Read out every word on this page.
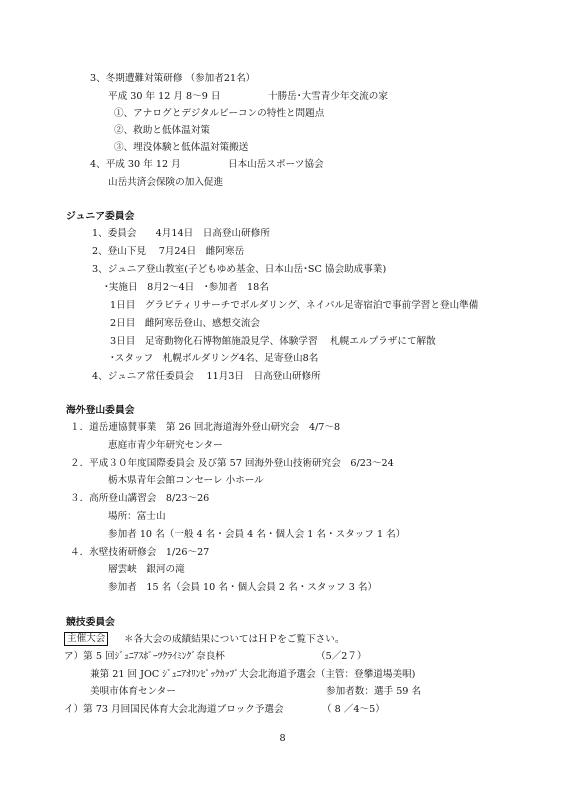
3、冬期遭難対策研修 （参加者21名）
平成 30 年 12 月 8〜9 日	十勝岳･大雪青少年交流の家
①、アナログとデジタルビーコンの特性と問題点
②、救助と低体温対策
③、埋没体験と低体温対策搬送
4、平成 30 年 12 月	日本山岳スポーツ協会
山岳共済会保険の加入促進
ジュニア委員会
1、委員会　　4月14日　日高登山研修所
2、登山下見　 7月24日　雌阿寒岳
3、ジュニア登山教室(子どもゆめ基金、日本山岳･SC 協会助成事業)
･実施日　8月2〜4日　･参加者　18名
1日目　グラビティリサーチでボルダリング、ネイパル足寄宿泊で事前学習と登山準備
2日目　雌阿寒岳登山、感想交流会
3日目　足寄動物化石博物館施設見学、体験学習　 札幌エルプラザにて解散
･スタッフ　札幌ボルダリング4名、足寄登山8名
4、ジュニア常任委員会　 11月3日　日高登山研修所
海外登山委員会
１．道岳連協賛事業　第 26 回北海道海外登山研究会　4/7〜8
恵庭市青少年研究センター
２．平成３０年度国際委員会 及び第 57 回海外登山技術研究会　6/23〜24
栃木県青年会館コンセーレ 小ホール
３．高所登山講習会　8/23〜26
場所：富士山
参加者 10 名（一般 4 名・会員 4 名・個人会 1 名・スタッフ 1 名）
４．氷壁技術研修会　1/26〜27
層雲峡　銀河の滝
参加者　15 名（会員 10 名・個人会員 2 名・スタッフ 3 名）
競技委員会
主催大会	＊各大会の成績結果についてはＨＰをご覧下さい。
ア）第 5 回ｼﾞｭﾆｱｽﾎﾟｰﾂｸﾗｲﾐﾝｸﾞ奈良杯	（5／2７）
兼第 21 回 JOC ｼﾞｭﾆｱｵﾘﾝﾋﾟｯｸｶｯﾌﾟ大会北海道予選会（主管：登攀道場美唄)
美唄市体育センター	参加者数：選手 59 名
イ）第 73 月回国民体育大会北海道ブロック予選会	（ 8 ／4〜5）
8
